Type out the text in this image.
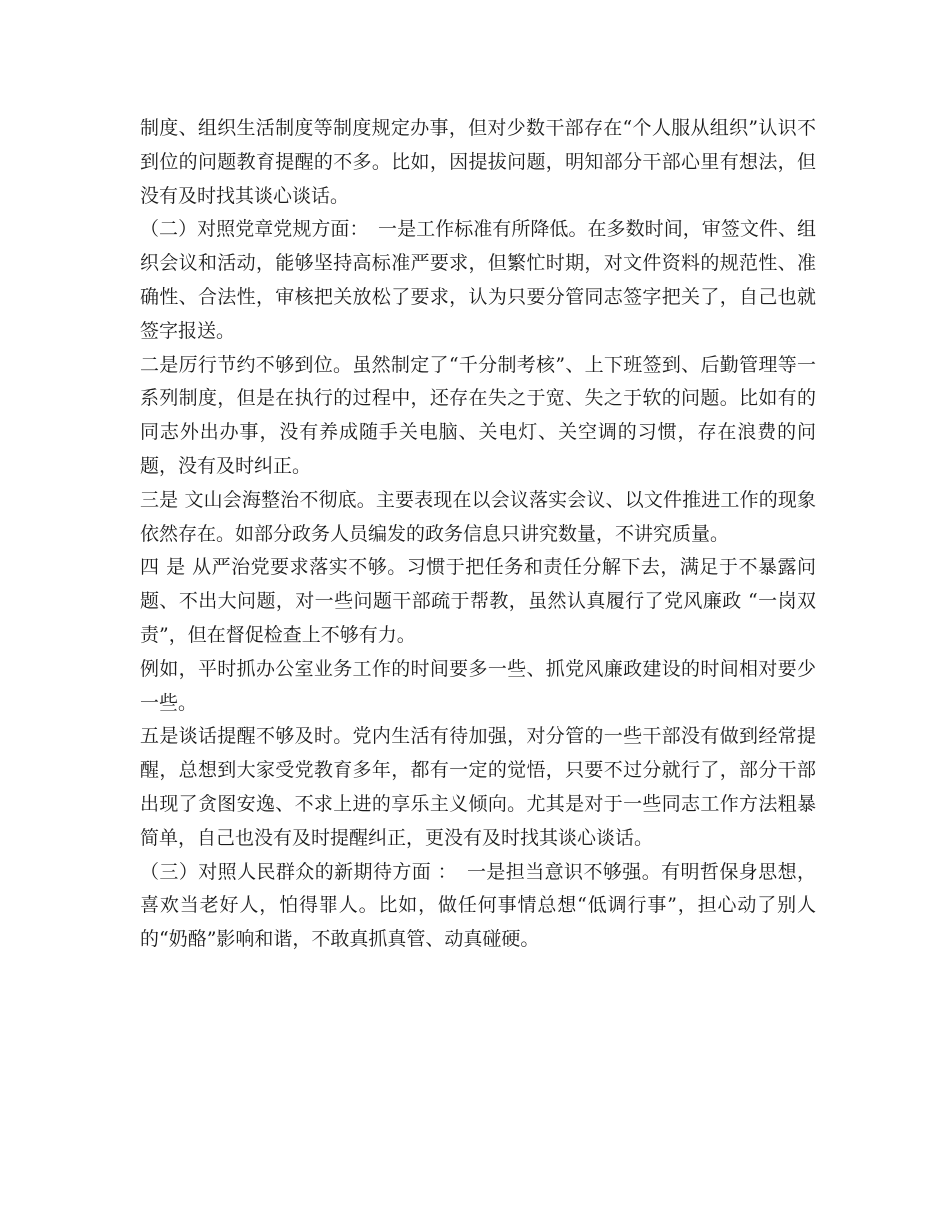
制度、组织生活制度等制度规定办事，但对少数干部存在“个人服从组织”认识不到位的问题教育提醒的不多。比如，因提拔问题，明知部分干部心里有想法，但没有及时找其谈心谈话。

（二）对照党章党规方面：　一是工作标准有所降低。在多数时间，审签文件、组织会议和活动，能够坚持高标准严要求，但繁忙时期，对文件资料的规范性、准确性、合法性，审核把关放松了要求，认为只要分管同志签字把关了，自己也就签字报送。

二是厉行节约不够到位。虽然制定了“千分制考核”、上下班签到、后勤管理等一系列制度，但是在执行的过程中，还存在失之于宽、失之于软的问题。比如有的同志外出办事，没有养成随手关电脑、关电灯、关空调的习惯，存在浪费的问题，没有及时纠正。

三是 文山会海整治不彻底。主要表现在以会议落实会议、以文件推进工作的现象依然存在。如部分政务人员编发的政务信息只讲究数量，不讲究质量。

四 是 从严治党要求落实不够。习惯于把任务和责任分解下去，满足于不暴露问题、不出大问题，对一些问题干部疏于帮教，虽然认真履行了党风廉政 “一岗双责”，但在督促检查上不够有力。

例如，平时抓办公室业务工作的时间要多一些、抓党风廉政建设的时间相对要少一些。

五是谈话提醒不够及时。党内生活有待加强，对分管的一些干部没有做到经常提醒，总想到大家受党教育多年，都有一定的觉悟，只要不过分就行了，部分干部出现了贪图安逸、不求上进的享乐主义倾向。尤其是对于一些同志工作方法粗暴简单，自己也没有及时提醒纠正，更没有及时找其谈心谈话。

（三）对照人民群众的新期待方面 ：　一是担当意识不够强。有明哲保身思想，喜欢当老好人，怕得罪人。比如，做任何事情总想“低调行事”，担心动了别人的“奶酪”影响和谐，不敢真抓真管、动真碰硬。
